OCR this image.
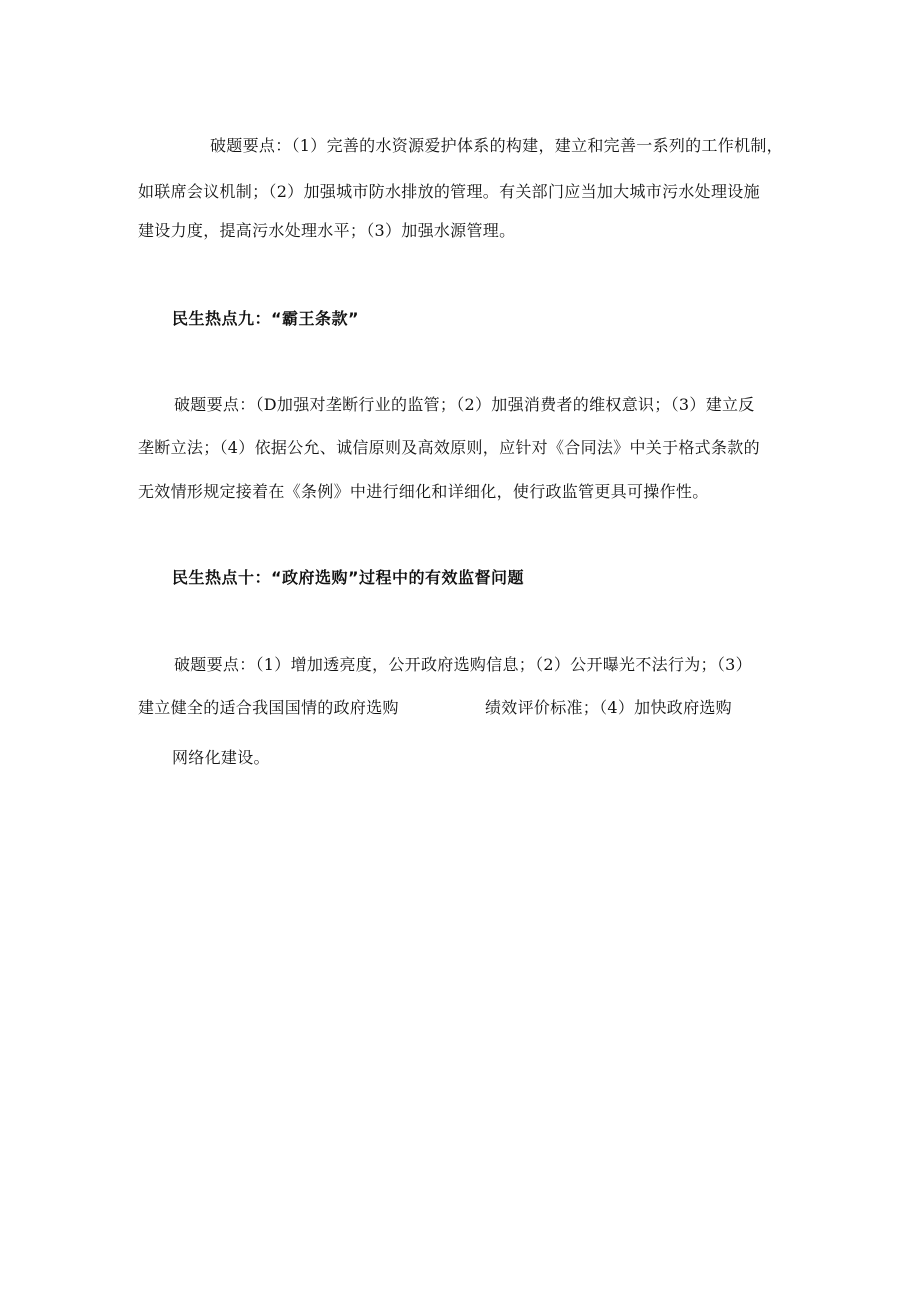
破题要点：（1）完善的水资源爱护体系的构建，建立和完善一系列的工作机制，
如联席会议机制；（2）加强城市防水排放的管理。有关部门应当加大城市污水处理设施
建设力度，提高污水处理水平；（3）加强水源管理。
民生热点九：“霸王条款”
破题要点：（D加强对垄断行业的监管；（2）加强消费者的维权意识；（3）建立反
垄断立法；（4）依据公允、诚信原则及高效原则，应针对《合同法》中关于格式条款的
无效情形规定接着在《条例》中进行细化和详细化，使行政监管更具可操作性。
民生热点十：“政府选购”过程中的有效监督问题
破题要点：（1）增加透亮度，公开政府选购信息；（2）公开曝光不法行为；（3）
建立健全的适合我国国情的政府选购	绩效评价标准；（4）加快政府选购
网络化建设。
